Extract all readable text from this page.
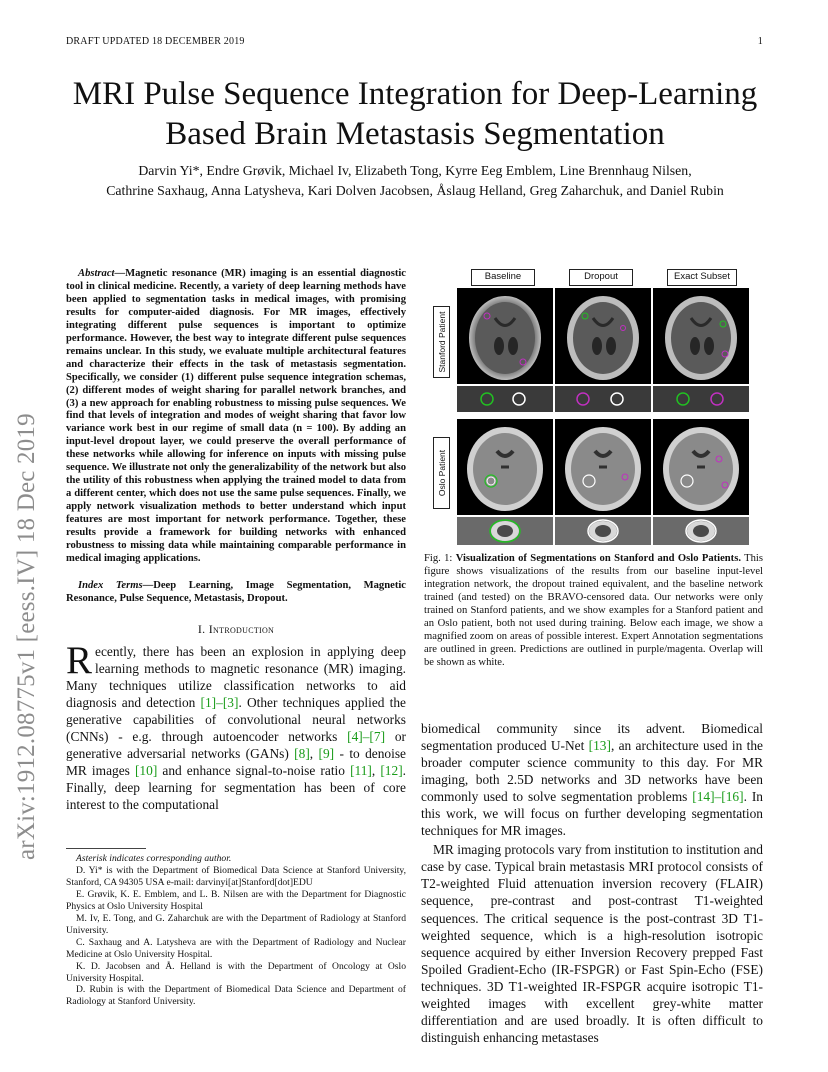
DRAFT UPDATED 18 DECEMBER 2019	1
MRI Pulse Sequence Integration for Deep-Learning
Based Brain Metastasis Segmentation
Darvin Yi*, Endre Grøvik, Michael Iv, Elizabeth Tong, Kyrre Eeg Emblem, Line Brennhaug Nilsen,
Cathrine Saxhaug, Anna Latysheva, Kari Dolven Jacobsen, Åslaug Helland, Greg Zaharchuk, and Daniel Rubin
arXiv:1912.08775v1 [eess.IV] 18 Dec 2019

Abstract—Magnetic resonance (MR) imaging is an essential diagnostic tool in clinical medicine. Recently, a variety of deep learning methods have been applied to segmentation tasks in medical images, with promising results for computer-aided diagnosis. For MR images, effectively integrating different pulse sequences is important to optimize performance. However, the best way to integrate different pulse sequences remains unclear. In this study, we evaluate multiple architectural features and characterize their effects in the task of metastasis segmentation. Specifically, we consider (1) different pulse sequence integration schemas, (2) different modes of weight sharing for parallel network branches, and (3) a new approach for enabling robustness to missing pulse sequences. We find that levels of integration and modes of weight sharing that favor low variance work best in our regime of small data (n = 100). By adding an input-level dropout layer, we could preserve the overall performance of these networks while allowing for inference on inputs with missing pulse sequence. We illustrate not only the generalizability of the network but also the utility of this robustness when applying the trained model to data from a different center, which does not use the same pulse sequences. Finally, we apply network visualization methods to better understand which input features are most important for network performance. Together, these results provide a framework for building networks with enhanced robustness to missing data while maintaining comparable performance in medical imaging applications.

Index Terms—Deep Learning, Image Segmentation, Magnetic Resonance, Pulse Sequence, Metastasis, Dropout.

I. Introduction

Recently, there has been an explosion in applying deep learning methods to magnetic resonance (MR) imaging. Many techniques utilize classification networks to aid diagnosis and detection [1]–[3]. Other techniques applied the generative capabilities of convolutional neural networks (CNNs) - e.g. through autoencoder networks [4]–[7] or generative adversarial networks (GANs) [8], [9] - to denoise MR images [10] and enhance signal-to-noise ratio [11], [12]. Finally, deep learning for segmentation has been of core interest to the computational

Asterisk indicates corresponding author.

D. Yi* is with the Department of Biomedical Data Science at Stanford University, Stanford, CA 94305 USA e-mail: darvinyi[at]Stanford[dot]EDU

E. Grøvik, K. E. Emblem, and L. B. Nilsen are with the Department for Diagnostic Physics at Oslo University Hospital

M. Iv, E. Tong, and G. Zaharchuk are with the Department of Radiology at Stanford University.

C. Saxhaug and A. Latysheva are with the Department of Radiology and Nuclear Medicine at Oslo University Hospital.

K. D. Jacobsen and Å. Helland is with the Department of Oncology at Oslo University Hospital.

D. Rubin is with the Department of Biomedical Data Science and Department of Radiology at Stanford University.

Baseline	Dropout	Exact Subset
Stanford Patient
Oslo Patient

Fig. 1: Visualization of Segmentations on Stanford and Oslo Patients. This figure shows visualizations of the results from our baseline input-level integration network, the dropout trained equivalent, and the baseline network trained (and tested) on the BRAVO-censored data. Our networks were only trained on Stanford patients, and we show examples for a Stanford patient and an Oslo patient, both not used during training. Below each image, we show a magnified zoom on areas of possible interest. Expert Annotation segmentations are outlined in green. Predictions are outlined in purple/magenta. Overlap will be shown as white.

biomedical community since its advent. Biomedical segmentation produced U-Net [13], an architecture used in the broader computer science community to this day. For MR imaging, both 2.5D networks and 3D networks have been commonly used to solve segmentation problems [14]–[16]. In this work, we will focus on further developing segmentation techniques for MR images.

MR imaging protocols vary from institution to institution and case by case. Typical brain metastasis MRI protocol consists of T2-weighted Fluid attenuation inversion recovery (FLAIR) sequence, pre-contrast and post-contrast T1-weighted sequences. The critical sequence is the post-contrast 3D T1-weighted sequence, which is a high-resolution isotropic sequence acquired by either Inversion Recovery prepped Fast Spoiled Gradient-Echo (IR-FSPGR) or Fast Spin-Echo (FSE) techniques. 3D T1-weighted IR-FSPGR acquire isotropic T1-weighted images with excellent grey-white matter differentiation and are used broadly. It is often difficult to distinguish enhancing metastases
